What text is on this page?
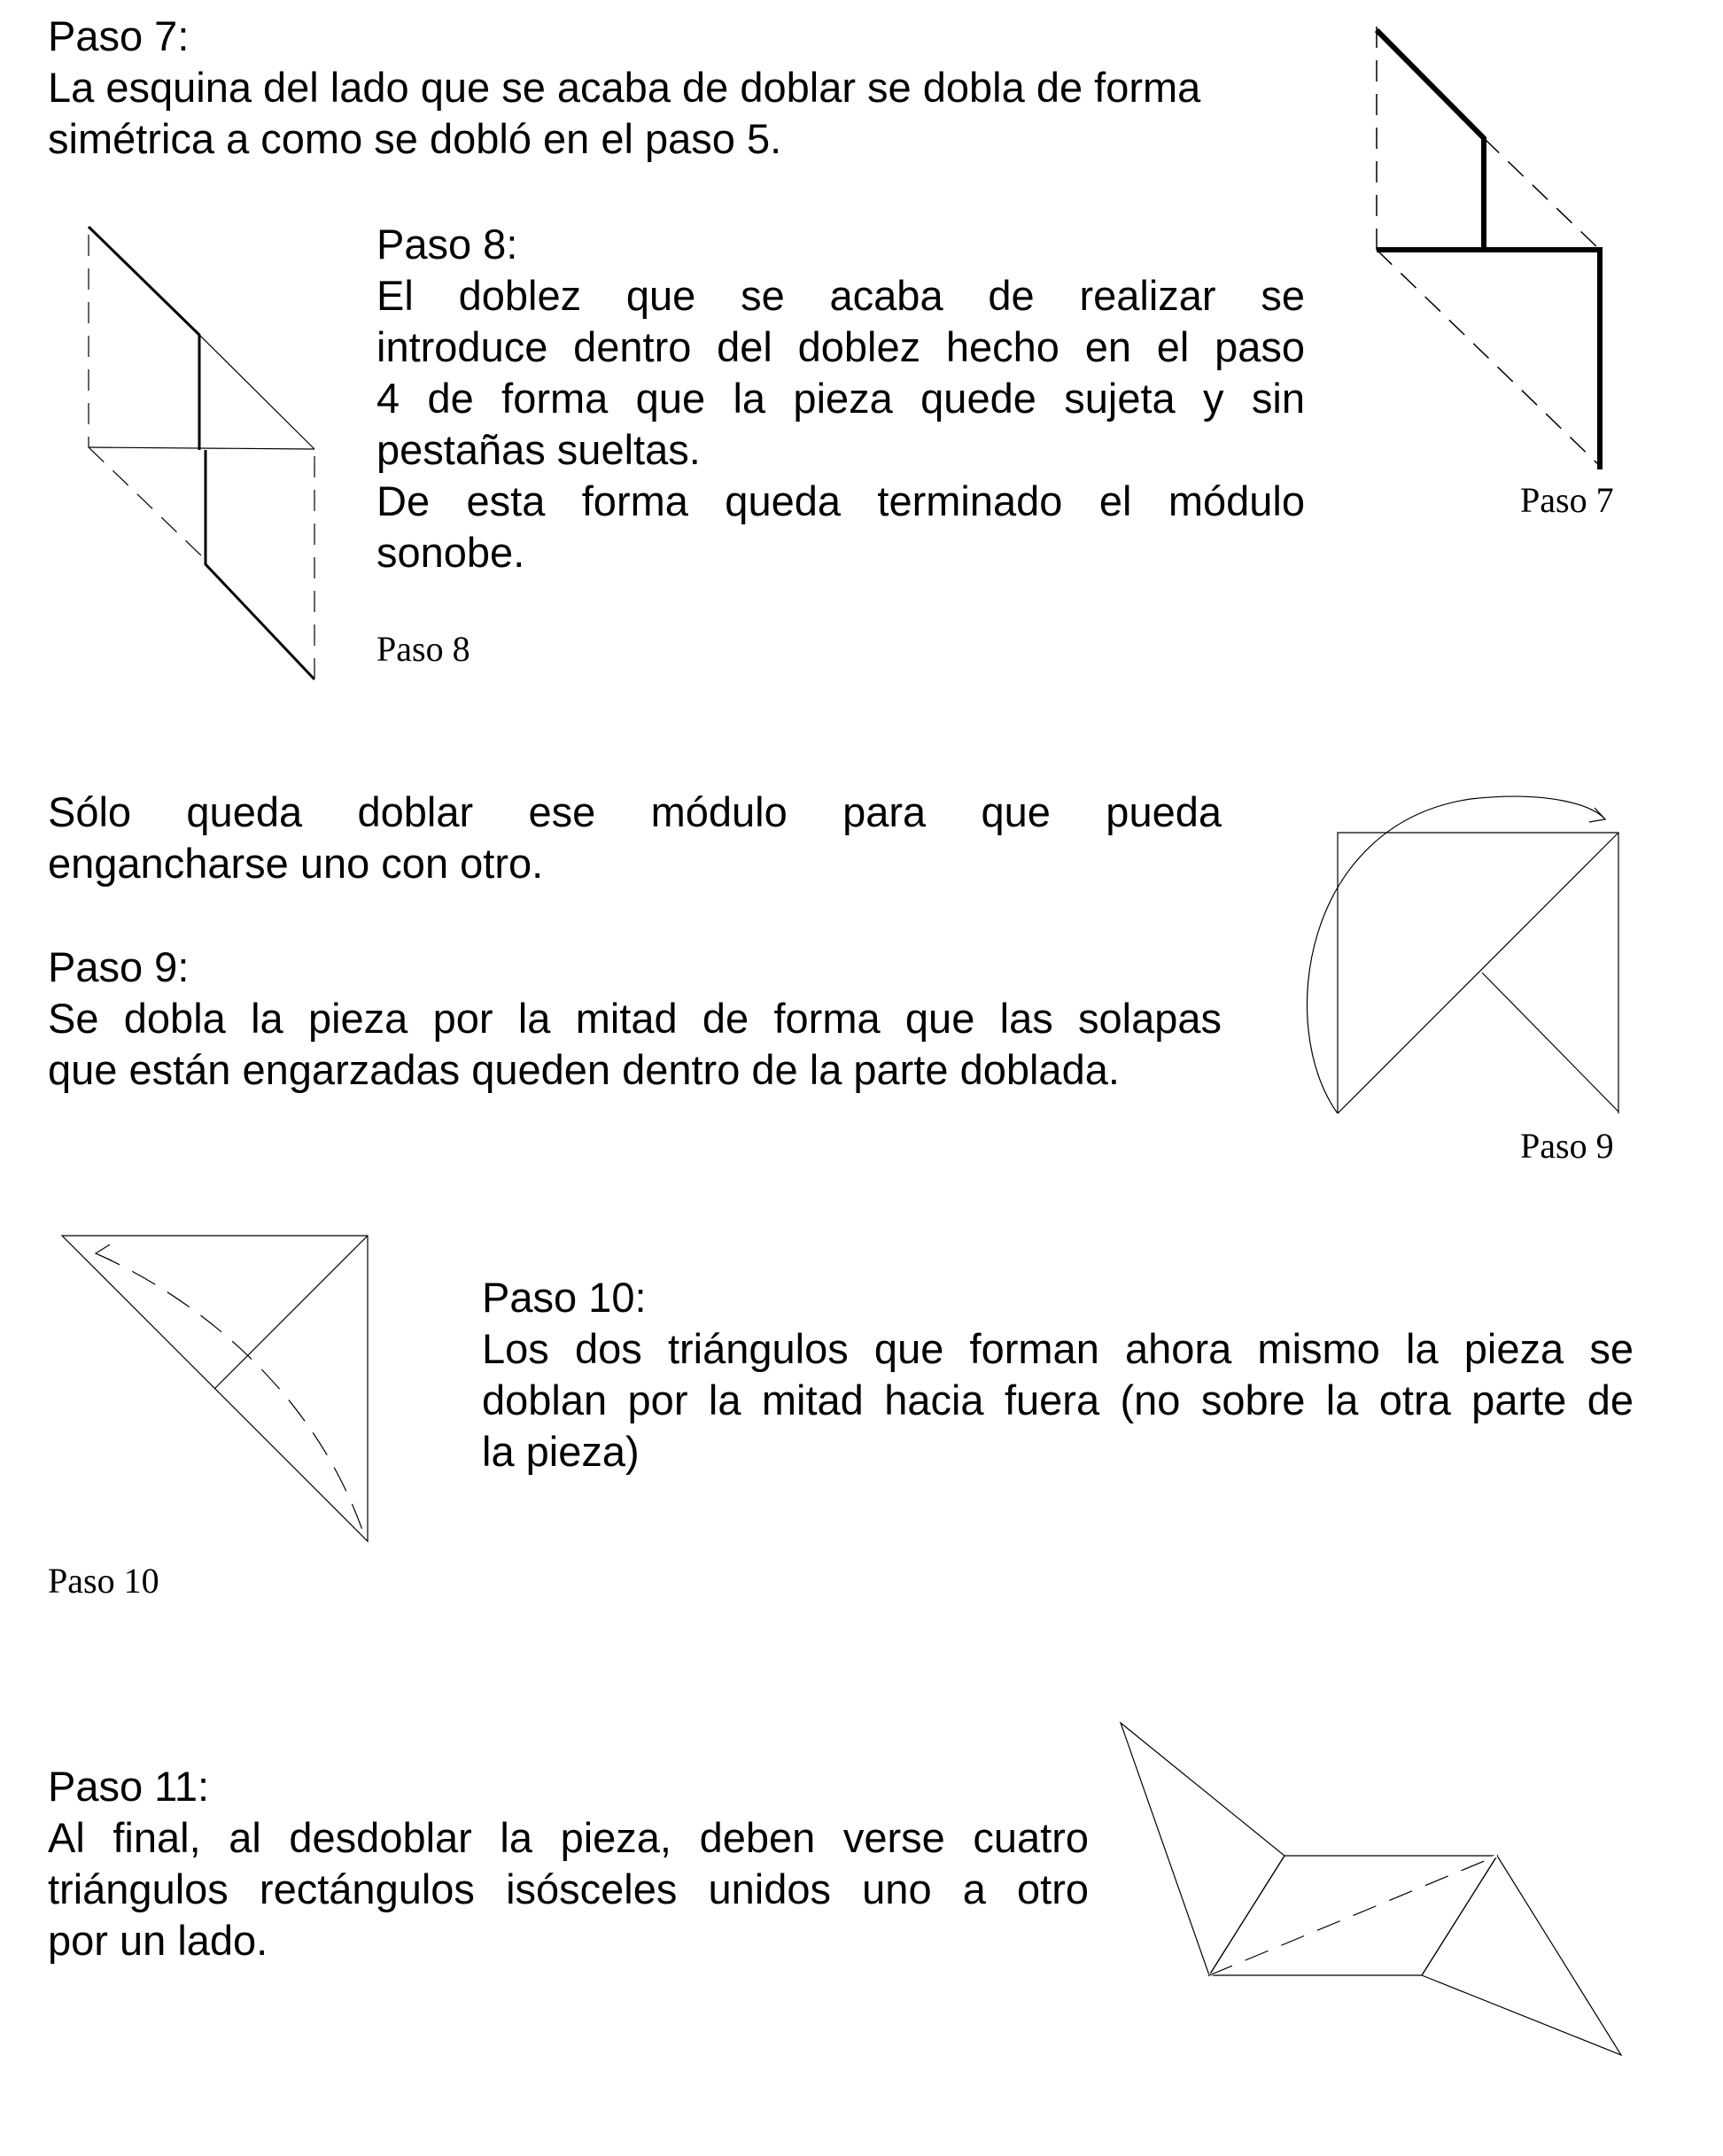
Paso 7:
La esquina del lado que se acaba de doblar se dobla de forma
simétrica a como se dobló en el paso 5.
Paso 7
Paso 8:
El doblez que se acaba de realizar se
introduce dentro del doblez hecho en el paso
4 de forma que la pieza quede sujeta y sin
pestañas sueltas.
De esta forma queda terminado el módulo
sonobe.
Paso 8
Sólo queda doblar ese módulo para que pueda
engancharse uno con otro.
Paso 9:
Se dobla la pieza por la mitad de forma que las solapas
que están engarzadas queden dentro de la parte doblada.
Paso 9
Paso 10:
Los dos triángulos que forman ahora mismo la pieza se
doblan por la mitad hacia fuera (no sobre la otra parte de
la pieza)
Paso 10
Paso 11:
Al final, al desdoblar la pieza, deben verse cuatro
triángulos rectángulos isósceles unidos uno a otro
por un lado.
